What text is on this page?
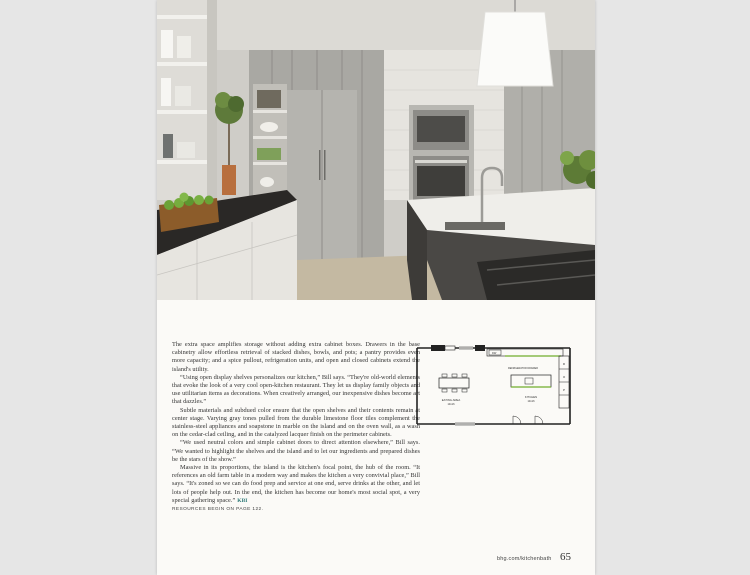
The extra space amplifies storage without adding extra cabinet boxes. Drawers in the base cabinetry allow effortless retrieval of stacked dishes, bowls, and pots; a pantry provides even more capacity; and a spice pullout, refrigeration units, and open and closed cabinets extend the island's utility.

“Using open display shelves personalizes our kitchen,” Bill says. “They're old-world elements that evoke the look of a very cool open-kitchen restaurant. They let us display family objects and use utilitarian items as decorations. When creatively arranged, our inexpensive dishes become art that dazzles.”

Subtle materials and subdued color ensure that the open shelves and their contents remain at center stage. Varying gray tones pulled from the durable limestone floor tiles complement the stainless-steel appliances and soapstone in marble on the island and on the oven wall, as a wash on the cedar-clad ceiling, and in the catalyzed lacquer finish on the perimeter cabinets.

“We used neutral colors and simple cabinet doors to direct attention elsewhere,” Bill says. “We wanted to highlight the shelves and the island and to let our ingredients and prepared dishes be the stars of the show.”

Massive in its proportions, the island is the kitchen's focal point, the hub of the room. “It references an old farm table in a modern way and makes the kitchen a very convivial place,” Bill says. “It's zoned so we can do food prep and service at one end, serve drinks at the other, and let lots of people help out. In the end, the kitchen has become our home's most social spot, a very special gathering space.” KBI

RESOURCES BEGIN ON PAGE 122.

DW
REFRIGERATOR DRAWER
EATING AREA
13x16
KITCHEN
13x16
R
O
P
bhg.com/kitchenbath 65
